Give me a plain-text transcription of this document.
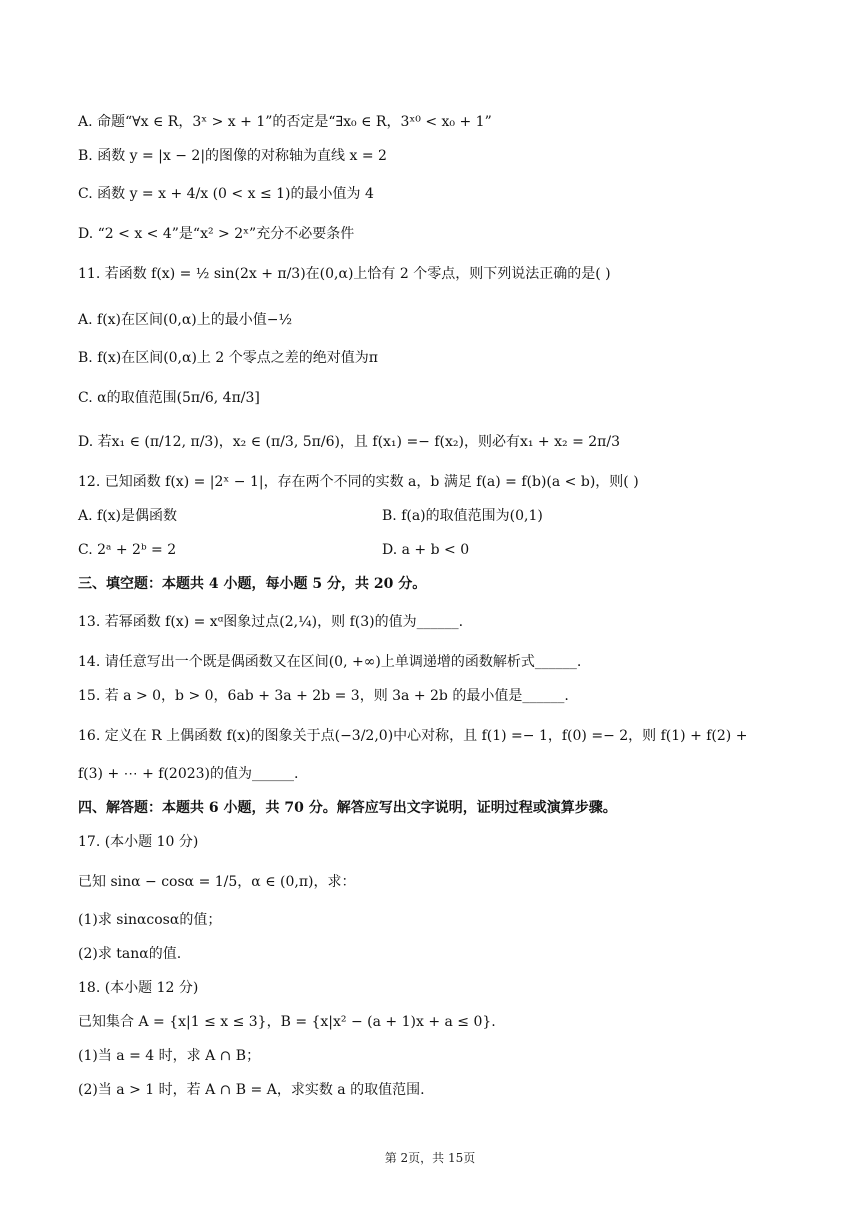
A. 命题“∀x ∈ R，3ˣ > x + 1”的否定是“∃x₀ ∈ R，3ˣ⁰ < x₀ + 1”
B. 函数 y = |x − 2|的图像的对称轴为直线 x = 2
C. 函数 y = x + 4/x (0 < x ≤ 1)的最小值为 4
D. “2 < x < 4”是“x² > 2ˣ”充分不必要条件
11. 若函数 f(x) = ½ sin(2x + π/3)在(0,α)上恰有 2 个零点，则下列说法正确的是( )
A. f(x)在区间(0,α)上的最小值−½
B. f(x)在区间(0,α)上 2 个零点之差的绝对值为π
C. α的取值范围(5π/6, 4π/3]
D. 若x₁ ∈ (π/12, π/3)，x₂ ∈ (π/3, 5π/6)，且 f(x₁) =− f(x₂)，则必有x₁ + x₂ = 2π/3
12. 已知函数 f(x) = |2ˣ − 1|，存在两个不同的实数 a，b 满足 f(a) = f(b)(a < b)，则( )
A. f(x)是偶函数	B. f(a)的取值范围为(0,1)
C. 2ᵃ + 2ᵇ = 2	D. a + b < 0
三、填空题：本题共 4 小题，每小题 5 分，共 20 分。
13. 若幂函数 f(x) = xᵅ图象过点(2,¼)，则 f(3)的值为______.
14. 请任意写出一个既是偶函数又在区间(0, +∞)上单调递增的函数解析式______.
15. 若 a > 0，b > 0，6ab + 3a + 2b = 3，则 3a + 2b 的最小值是______.
16. 定义在 R 上偶函数 f(x)的图象关于点(−3/2,0)中心对称，且 f(1) =− 1，f(0) =− 2，则 f(1) + f(2) +
f(3) + ⋯ + f(2023)的值为______.
四、解答题：本题共 6 小题，共 70 分。解答应写出文字说明，证明过程或演算步骤。
17. (本小题 10 分)
已知 sinα − cosα = 1/5，α ∈ (0,π)，求：
(1)求 sinαcosα的值；
(2)求 tanα的值.
18. (本小题 12 分)
已知集合 A = {x|1 ≤ x ≤ 3}，B = {x|x² − (a + 1)x + a ≤ 0}.
(1)当 a = 4 时，求 A ∩ B；
(2)当 a > 1 时，若 A ∩ B = A，求实数 a 的取值范围.
第 2页，共 15页
